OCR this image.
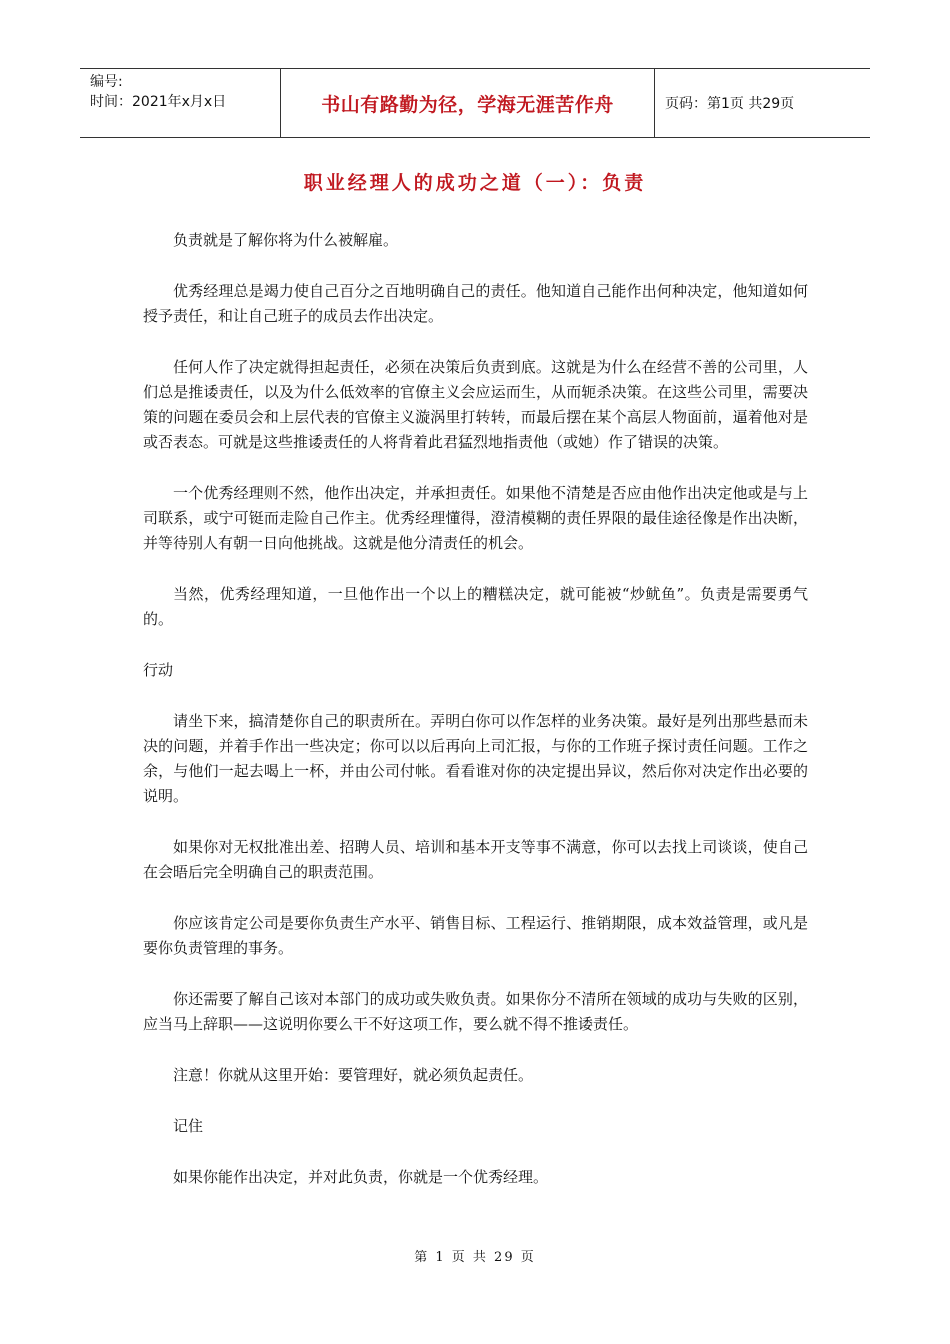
编号:
时间：2021年x月x日	书山有路勤为径，学海无涯苦作舟	页码：第1页 共29页
职业经理人的成功之道（一）：负责

负责就是了解你将为什么被解雇。

优秀经理总是竭力使自己百分之百地明确自己的责任。他知道自己能作出何种决定，他知道如何授予责任，和让自己班子的成员去作出决定。

任何人作了决定就得担起责任，必须在决策后负责到底。这就是为什么在经营不善的公司里，人们总是推诿责任，以及为什么低效率的官僚主义会应运而生，从而轭杀决策。在这些公司里，需要决策的问题在委员会和上层代表的官僚主义漩涡里打转转，而最后摆在某个高层人物面前，逼着他对是或否表态。可就是这些推诿责任的人将背着此君猛烈地指责他（或她）作了错误的决策。

一个优秀经理则不然，他作出决定，并承担责任。如果他不清楚是否应由他作出决定他或是与上司联系，或宁可铤而走险自己作主。优秀经理懂得，澄清模糊的责任界限的最佳途径像是作出决断，并等待别人有朝一日向他挑战。这就是他分清责任的机会。

当然，优秀经理知道，一旦他作出一个以上的糟糕决定，就可能被“炒鱿鱼”。负责是需要勇气的。

行动

请坐下来，搞清楚你自己的职责所在。弄明白你可以作怎样的业务决策。最好是列出那些悬而未决的问题，并着手作出一些决定；你可以以后再向上司汇报，与你的工作班子探讨责任问题。工作之余，与他们一起去喝上一杯，并由公司付帐。看看谁对你的决定提出异议，然后你对决定作出必要的说明。

如果你对无权批准出差、招聘人员、培训和基本开支等事不满意，你可以去找上司谈谈，使自己在会晤后完全明确自己的职责范围。

你应该肯定公司是要你负责生产水平、销售目标、工程运行、推销期限，成本效益管理，或凡是要你负责管理的事务。

你还需要了解自己该对本部门的成功或失败负责。如果你分不清所在领域的成功与失败的区别，应当马上辞职——这说明你要么干不好这项工作，要么就不得不推诿责任。

注意！你就从这里开始：要管理好，就必须负起责任。

记住

如果你能作出决定，并对此负责，你就是一个优秀经理。

第 1 页 共 29 页
